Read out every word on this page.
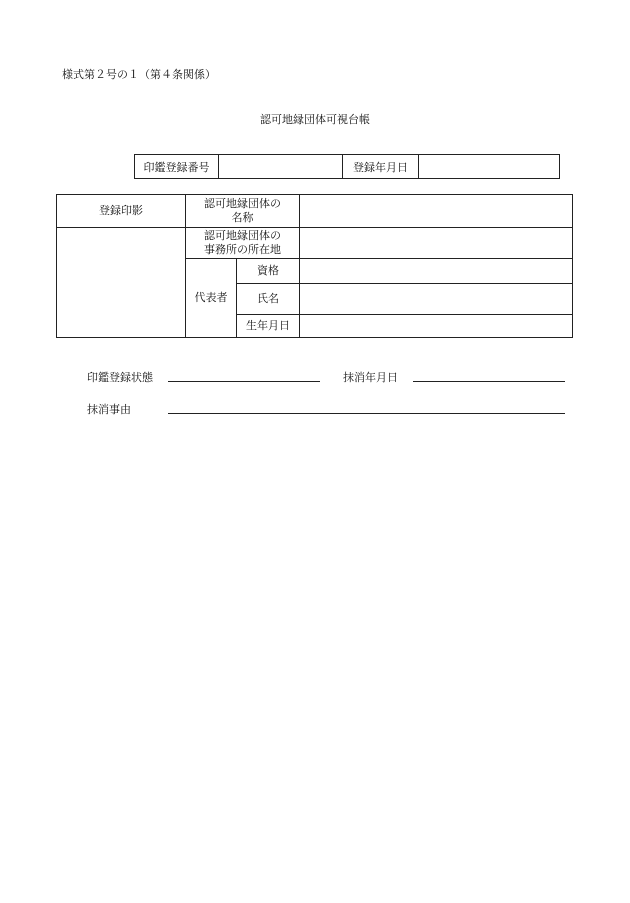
様式第２号の１（第４条関係）
認可地縁団体可視台帳
印鑑登録番号	登録年月日
登録印影	認可地縁団体の
名称		

	認可地縁団体の
事務所の所在地		

	代表者	資格	
		氏名	
		生年月日	
印鑑登録状態	抹消年月日
抹消事由
